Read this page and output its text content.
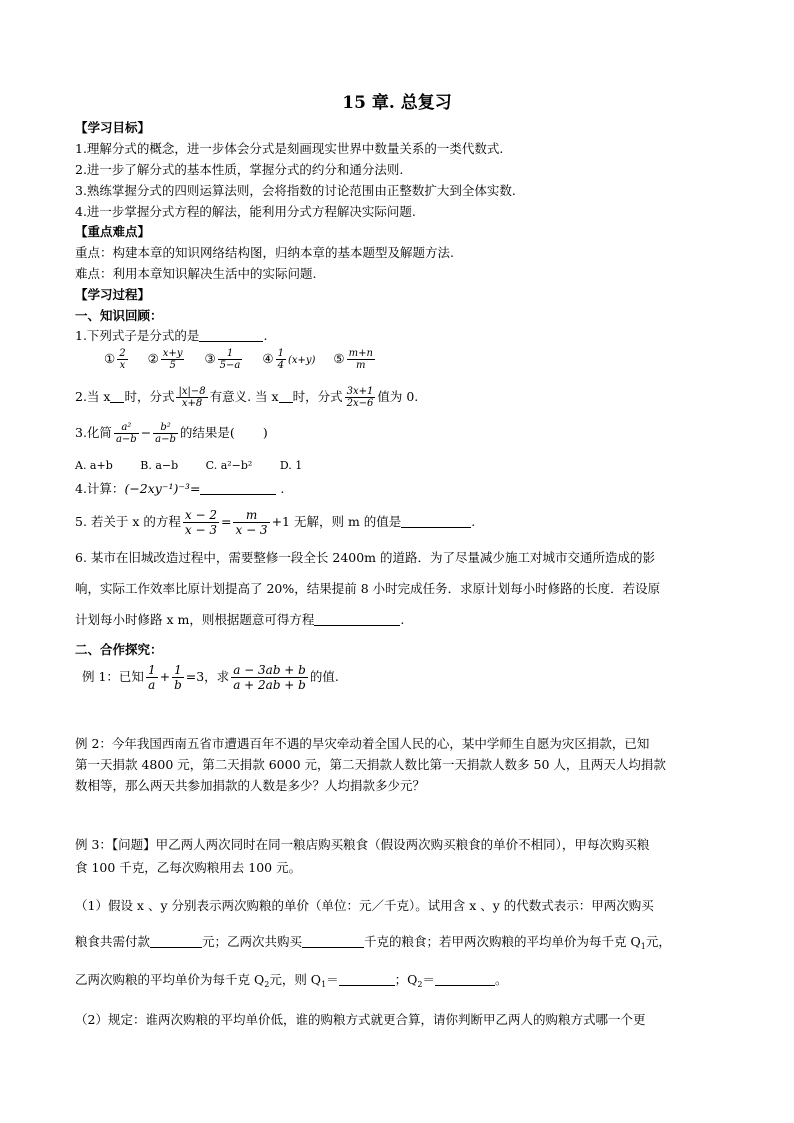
15 章. 总复习
【学习目标】
1.理解分式的概念，进一步体会分式是刻画现实世界中数量关系的一类代数式.
2.进一步了解分式的基本性质，掌握分式的约分和通分法则.
3.熟练掌握分式的四则运算法则，会将指数的讨论范围由正整数扩大到全体实数.
4.进一步掌握分式方程的解法，能利用分式方程解决实际问题.
【重点难点】
重点：构建本章的知识网络结构图，归纳本章的基本题型及解题方法.
难点：利用本章知识解决生活中的实际问题.
【学习过程】
一、知识回顾：
1.下列式子是分式的是	.
① $\frac{2}{x}$ ② $\frac{x+y}{5}$ ③ $\frac{1}{5-a}$ ④ $\frac{1}{4} (x+y)$ ⑤ $\frac{m+n}{m}$
2.当 x 时，分式 $\frac{|x|-8}{x+8}$ 有意义. 当 x 时，分式 $\frac{3x+1}{2x-6}$ 值为 0.
3.化简 $\frac{\text{a²}}{a-b} - \frac{\text{b²}}{a-b}$ 的结果是( )
A. a+b	B. a−b	C. a²−b²	D. 1
4.计算：(−2xy⁻¹)⁻³=	.
5. 若关于 x 的方程 $\frac{x - 2}{x - 3} = \frac{m}{x - 3} +1$ 无解，则 m 的值是	.
6. 某市在旧城改造过程中，需要整修一段全长 2400m 的道路．为了尽量减少施工对城市交通所造成的影
响，实际工作效率比原计划提高了 20%，结果提前 8 小时完成任务．求原计划每小时修路的长度．若设原
计划每小时修路 x m，则根据题意可得方程	.
二、合作探究：
例 1：已知 $\frac{1}{a} + \frac{1}{b} =3$，求 $\frac{a - 3ab + b}{a + 2ab + b}$ 的值.
例 2：今年我国西南五省市遭遇百年不遇的旱灾牵动着全国人民的心，某中学师生自愿为灾区捐款，已知
第一天捐款 4800 元，第二天捐款 6000 元，第二天捐款人数比第一天捐款人数多 50 人，且两天人均捐款
数相等，那么两天共参加捐款的人数是多少？人均捐款多少元？
例 3：【问题】甲乙两人两次同时在同一粮店购买粮食（假设两次购买粮食的单价不相同），甲每次购买粮
食 100 千克，乙每次购粮用去 100 元。
（1）假设 x 、y 分别表示两次购粮的单价（单位：元／千克）。试用含 x 、y 的代数式表示：甲两次购买
粮食共需付款	元；乙两次共购买	千克的粮食；若甲两次购粮的平均单价为每千克 $Q_1$元，
乙两次购粮的平均单价为每千克 $Q_2$元，则 $Q_1=$	；$Q_2=$	。
（2）规定：谁两次购粮的平均单价低，谁的购粮方式就更合算，请你判断甲乙两人的购粮方式哪一个更
